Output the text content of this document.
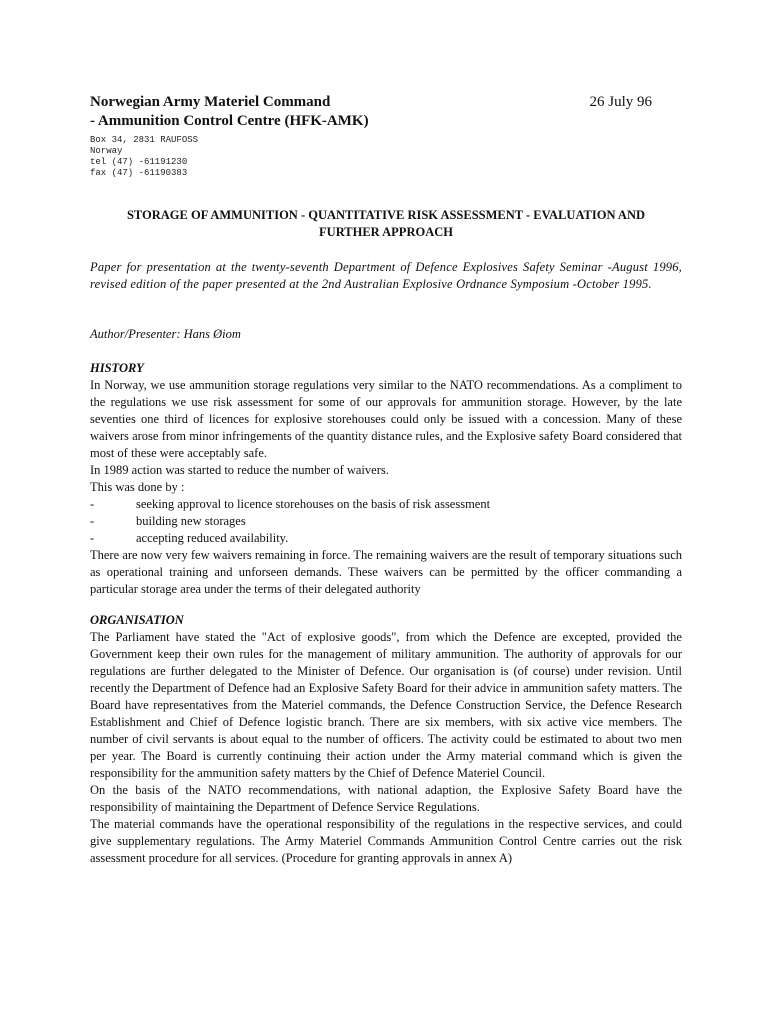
Norwegian Army Materiel Command
- Ammunition Control Centre (HFK-AMK)
26 July 96
Box 34, 2831 RAUFOSS
Norway
tel (47) -61191230
fax (47) -61190383
STORAGE OF AMMUNITION - QUANTITATIVE RISK ASSESSMENT - EVALUATION AND
FURTHER APPROACH
Paper for presentation at the twenty-seventh Department of Defence Explosives Safety Seminar -August 1996, revised edition of the paper presented at the 2nd Australian Explosive Ordnance Symposium -October 1995.
Author/Presenter: Hans Øiom
HISTORY

In Norway, we use ammunition storage regulations very similar to the NATO recommendations. As a compliment to the regulations we use risk assessment for some of our approvals for ammunition storage. However, by the late seventies one third of licences for explosive storehouses could only be issued with a concession. Many of these waivers arose from minor infringements of the quantity distance rules, and the Explosive safety Board considered that most of these were acceptably safe.

In 1989 action was started to reduce the number of waivers.

This was done by :

-	seeking approval to licence storehouses on the basis of risk assessment
-	building new storages
-	accepting reduced availability.

There are now very few waivers remaining in force. The remaining waivers are the result of temporary situations such as operational training and unforseen demands. These waivers can be permitted by the officer commanding a particular storage area under the terms of their delegated authority

ORGANISATION

The Parliament have stated the "Act of explosive goods", from which the Defence are excepted, provided the Government keep their own rules for the management of military ammunition. The authority of approvals for our regulations are further delegated to the Minister of Defence. Our organisation is (of course) under revision. Until recently the Department of Defence had an Explosive Safety Board for their advice in ammunition safety matters. The Board have representatives from the Materiel commands, the Defence Construction Service, the Defence Research Establishment and Chief of Defence logistic branch. There are six members, with six active vice members. The number of civil servants is about equal to the number of officers. The activity could be estimated to about two men per year. The Board is currently continuing their action under the Army material command which is given the responsibility for the ammunition safety matters by the Chief of Defence Materiel Council.

On the basis of the NATO recommendations, with national adaption, the Explosive Safety Board have the responsibility of maintaining the Department of Defence Service Regulations.

The material commands have the operational responsibility of the regulations in the respective services, and could give supplementary regulations. The Army Materiel Commands Ammunition Control Centre carries out the risk assessment procedure for all services. (Procedure for granting approvals in annex A)
